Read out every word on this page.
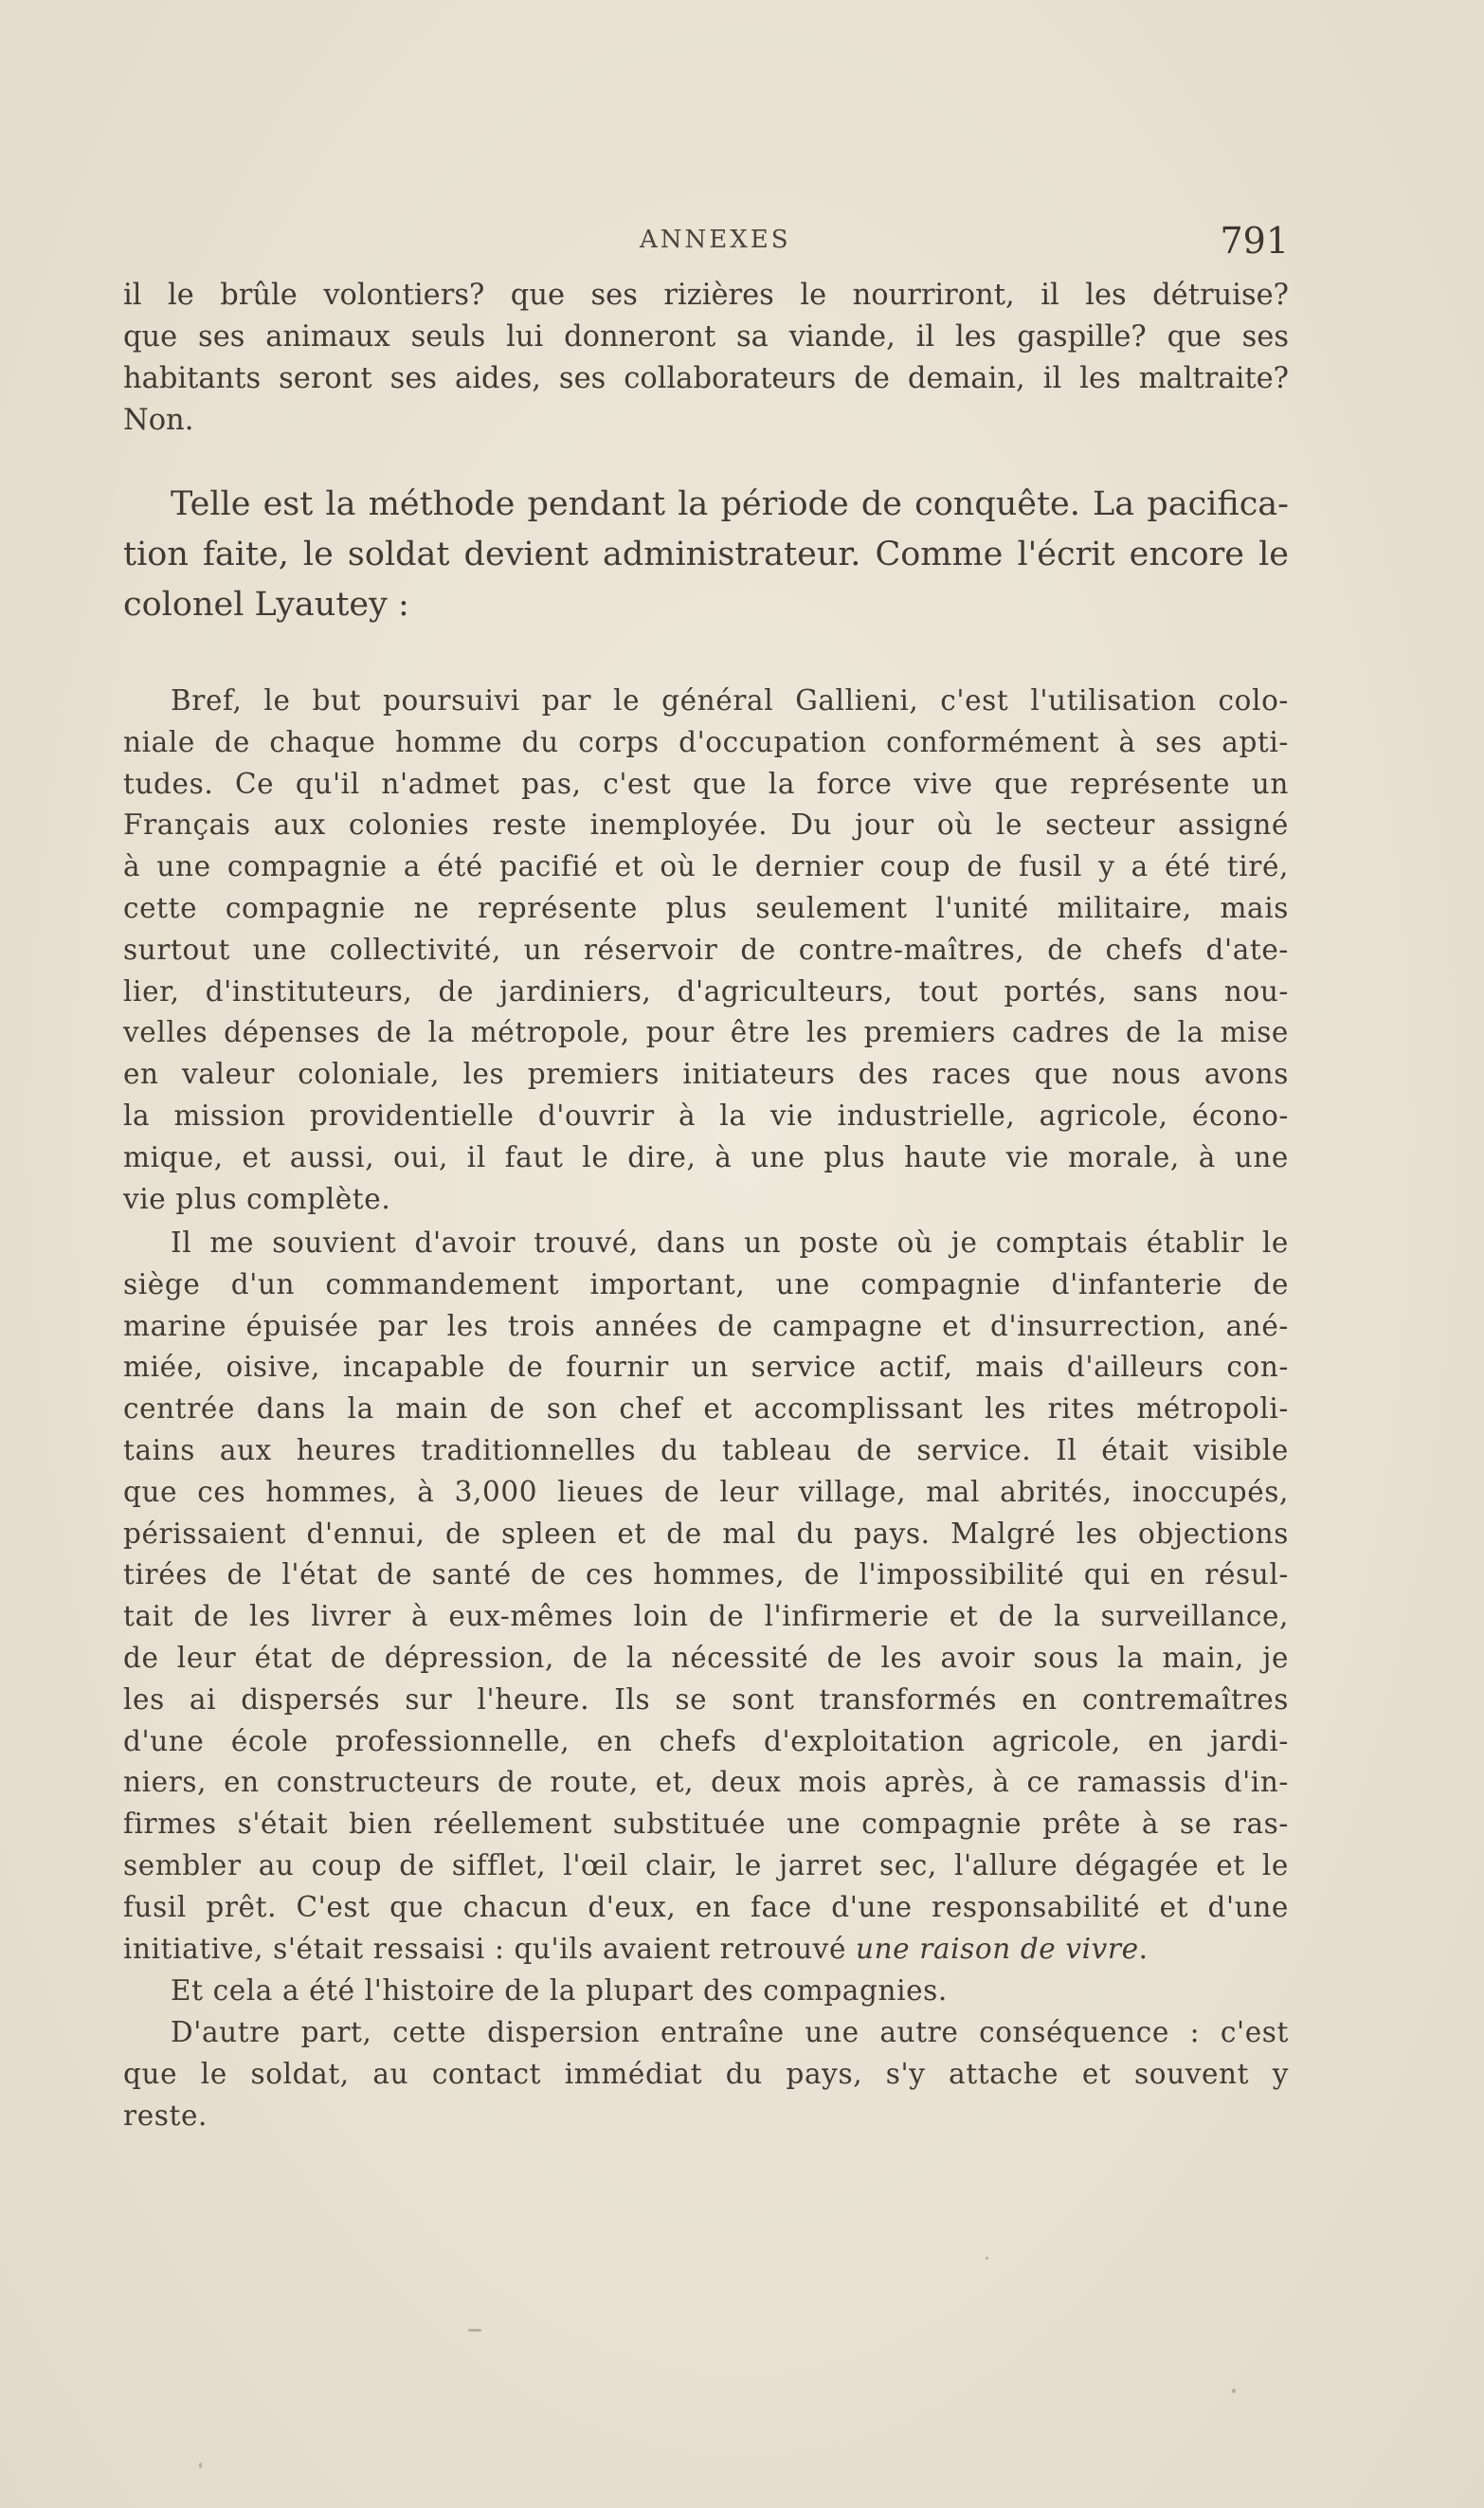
ANNEXES	791

il le brûle volontiers? que ses rizières le nourriront, il les détruise?
que ses animaux seuls lui donneront sa viande, il les gaspille? que ses
habitants seront ses aides, ses collaborateurs de demain, il les maltraite?
Non.

Telle est la méthode pendant la période de conquête. La pacifica-
tion faite, le soldat devient administrateur. Comme l'écrit encore le
colonel Lyautey :

Bref, le but poursuivi par le général Gallieni, c'est l'utilisation colo-
niale de chaque homme du corps d'occupation conformément à ses apti-
tudes. Ce qu'il n'admet pas, c'est que la force vive que représente un
Français aux colonies reste inemployée. Du jour où le secteur assigné
à une compagnie a été pacifié et où le dernier coup de fusil y a été tiré,
cette compagnie ne représente plus seulement l'unité militaire, mais
surtout une collectivité, un réservoir de contre-maîtres, de chefs d'ate-
lier, d'instituteurs, de jardiniers, d'agriculteurs, tout portés, sans nou-
velles dépenses de la métropole, pour être les premiers cadres de la mise
en valeur coloniale, les premiers initiateurs des races que nous avons
la mission providentielle d'ouvrir à la vie industrielle, agricole, écono-
mique, et aussi, oui, il faut le dire, à une plus haute vie morale, à une
vie plus complète.

Il me souvient d'avoir trouvé, dans un poste où je comptais établir le
siège d'un commandement important, une compagnie d'infanterie de
marine épuisée par les trois années de campagne et d'insurrection, ané-
miée, oisive, incapable de fournir un service actif, mais d'ailleurs con-
centrée dans la main de son chef et accomplissant les rites métropoli-
tains aux heures traditionnelles du tableau de service. Il était visible
que ces hommes, à 3,000 lieues de leur village, mal abrités, inoccupés,
périssaient d'ennui, de spleen et de mal du pays. Malgré les objections
tirées de l'état de santé de ces hommes, de l'impossibilité qui en résul-
tait de les livrer à eux-mêmes loin de l'infirmerie et de la surveillance,
de leur état de dépression, de la nécessité de les avoir sous la main, je
les ai dispersés sur l'heure. Ils se sont transformés en contremaîtres
d'une école professionnelle, en chefs d'exploitation agricole, en jardi-
niers, en constructeurs de route, et, deux mois après, à ce ramassis d'in-
firmes s'était bien réellement substituée une compagnie prête à se ras-
sembler au coup de sifflet, l'œil clair, le jarret sec, l'allure dégagée et le
fusil prêt. C'est que chacun d'eux, en face d'une responsabilité et d'une
initiative, s'était ressaisi : qu'ils avaient retrouvé une raison de vivre.

Et cela a été l'histoire de la plupart des compagnies.

D'autre part, cette dispersion entraîne une autre conséquence : c'est
que le soldat, au contact immédiat du pays, s'y attache et souvent y
reste.
